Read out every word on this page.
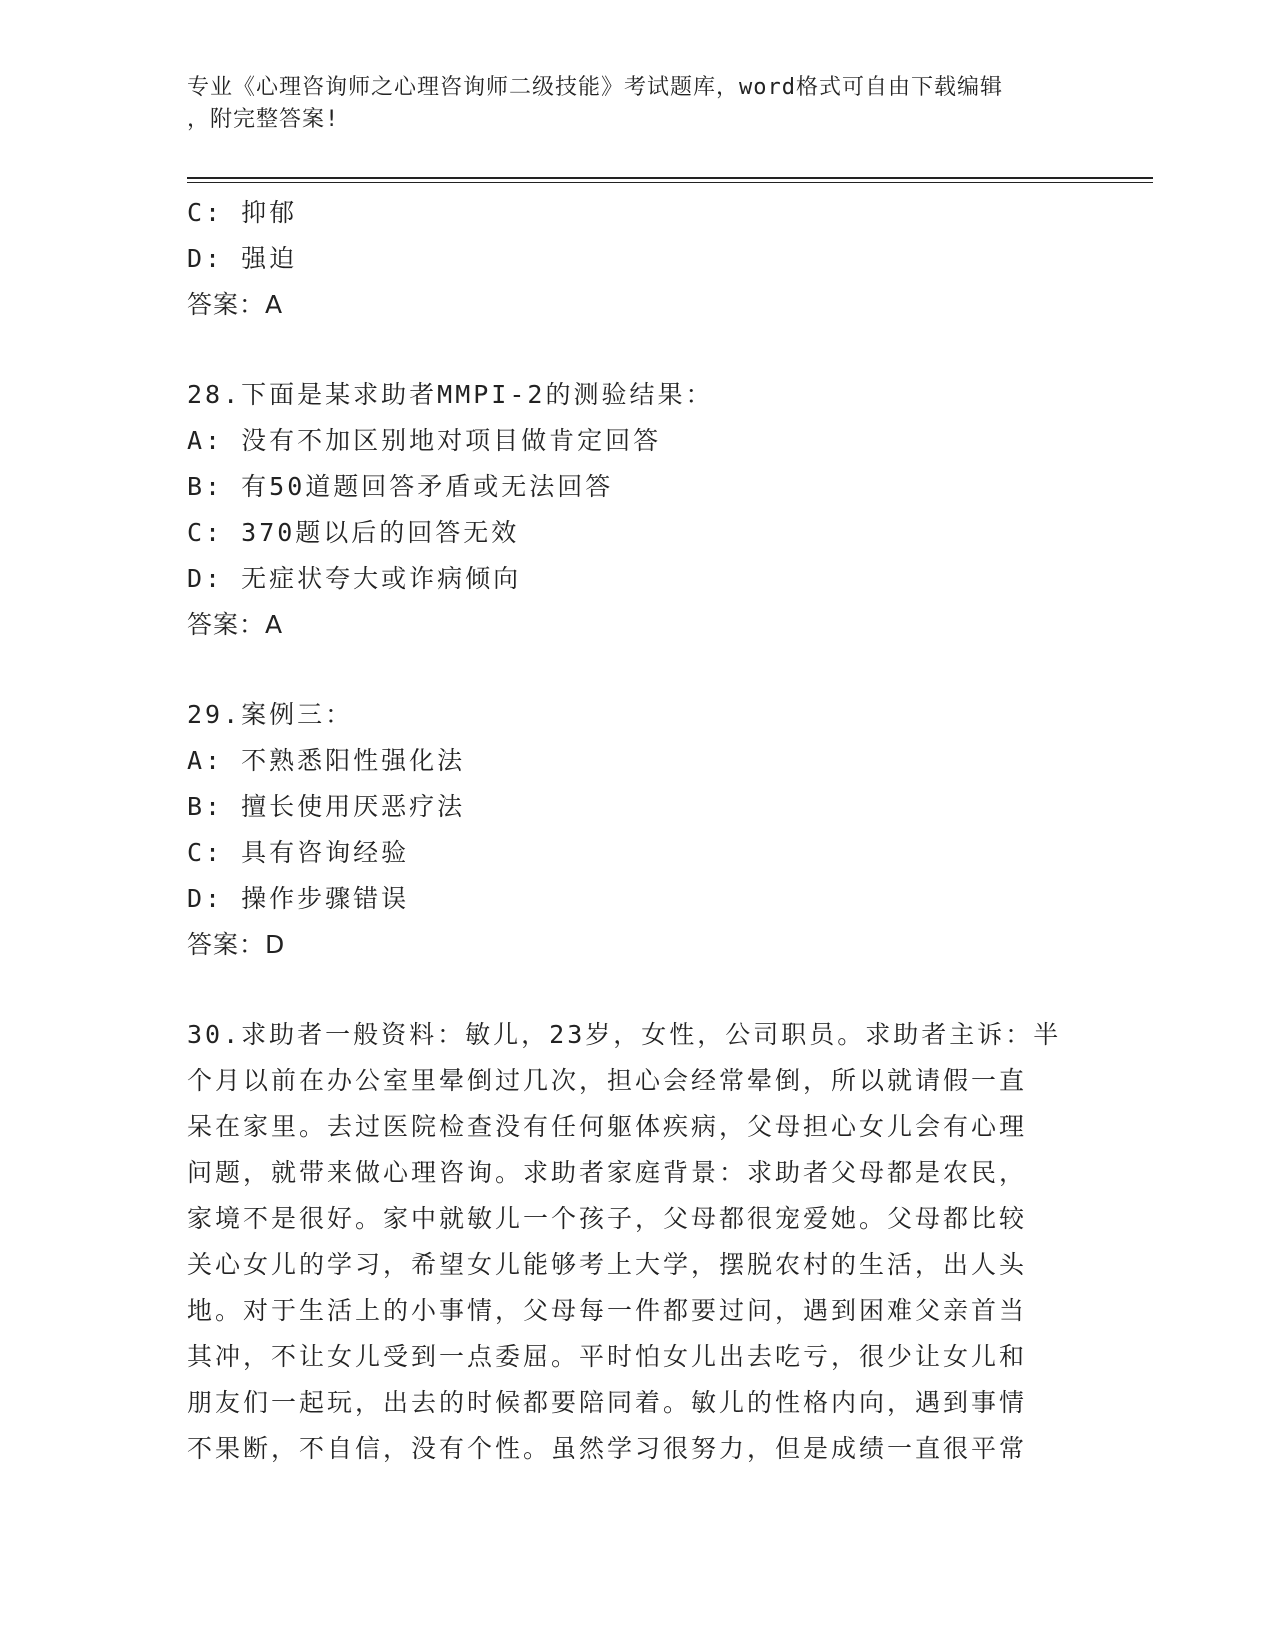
专业《心理咨询师之心理咨询师二级技能》考试题库，word格式可自由下载编辑
，附完整答案!
C: 抑郁
D: 强迫
答案：A
28.下面是某求助者MMPI-2的测验结果：
A: 没有不加区别地对项目做肯定回答
B: 有50道题回答矛盾或无法回答
C: 370题以后的回答无效
D: 无症状夸大或诈病倾向
答案：A
29.案例三：
A: 不熟悉阳性强化法
B: 擅长使用厌恶疗法
C: 具有咨询经验
D: 操作步骤错误
答案：D
30.求助者一般资料：敏儿，23岁，女性，公司职员。求助者主诉：半
个月以前在办公室里晕倒过几次，担心会经常晕倒，所以就请假一直
呆在家里。去过医院检查没有任何躯体疾病，父母担心女儿会有心理
问题，就带来做心理咨询。求助者家庭背景：求助者父母都是农民，
家境不是很好。家中就敏儿一个孩子，父母都很宠爱她。父母都比较
关心女儿的学习，希望女儿能够考上大学，摆脱农村的生活，出人头
地。对于生活上的小事情，父母每一件都要过问，遇到困难父亲首当
其冲，不让女儿受到一点委屈。平时怕女儿出去吃亏，很少让女儿和
朋友们一起玩，出去的时候都要陪同着。敏儿的性格内向，遇到事情
不果断，不自信，没有个性。虽然学习很努力，但是成绩一直很平常
